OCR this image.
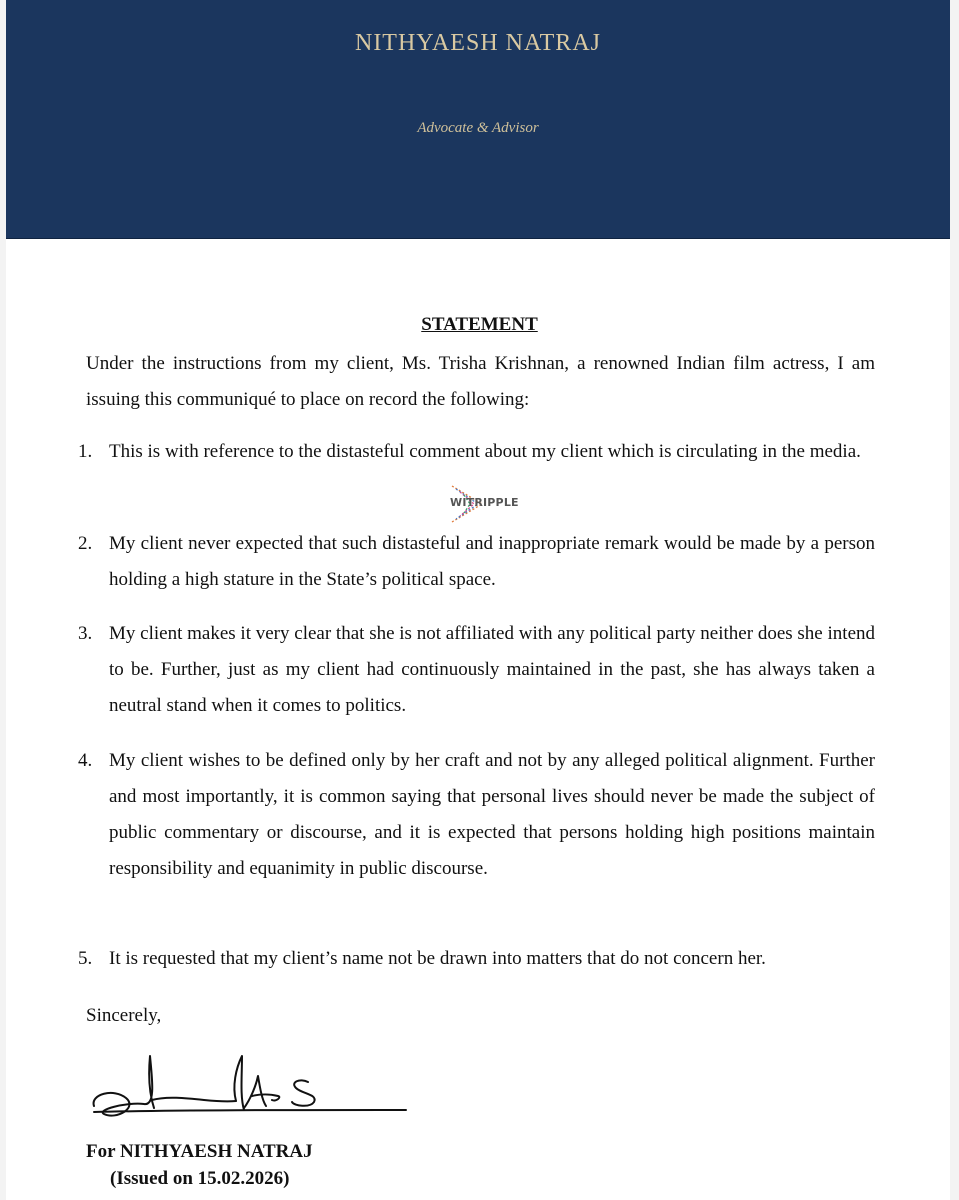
NITHYAESH NATRAJ
Advocate & Advisor
STATEMENT
Under the instructions from my client, Ms. Trisha Krishnan, a renowned Indian film actress, I am issuing this communiqué to place on record the following:
1. This is with reference to the distasteful comment about my client which is circulating in the media.
2. My client never expected that such distasteful and inappropriate remark would be made by a person holding a high stature in the State’s political space.
3. My client makes it very clear that she is not affiliated with any political party neither does she intend to be. Further, just as my client had continuously maintained in the past, she has always taken a neutral stand when it comes to politics.
4. My client wishes to be defined only by her craft and not by any alleged political alignment. Further and most importantly, it is common saying that personal lives should never be made the subject of public commentary or discourse, and it is expected that persons holding high positions maintain responsibility and equanimity in public discourse.
5. It is requested that my client’s name not be drawn into matters that do not concern her.
WITRIPPLE
Sincerely,
For NITHYAESH NATRAJ
(Issued on 15.02.2026)
